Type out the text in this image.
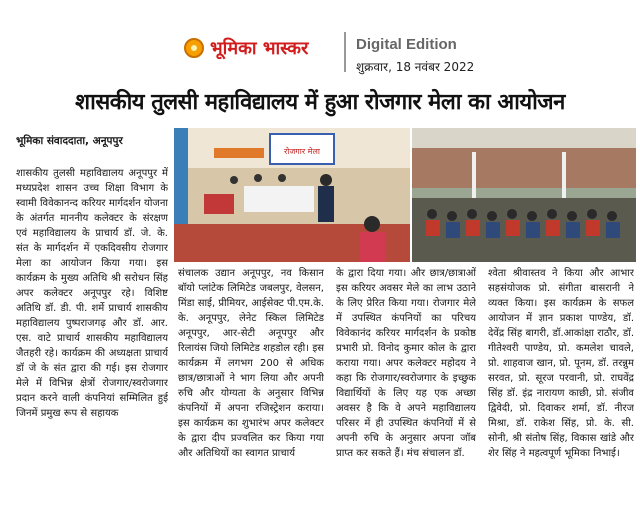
भूमिका भास्कर	Digital Edition
शुक्रवार, 18 नवंबर 2022
शासकीय तुलसी महाविद्यालय में हुआ रोजगार मेला का आयोजन
भूमिका संवाददाता, अनूपपुर
रोजगार मेला
शासकीय तुलसी महाविद्यालय अनूपपुर में मध्यप्रदेश शासन उच्च शिक्षा विभाग के स्वामी विवेकानन्द करियर मार्गदर्शन योजना के अंतर्गत माननीय कलेक्टर के संरक्षण एवं महाविद्यालय के प्राचार्य डॉ. जे. के. संत के मार्गदर्शन में एकदिवसीय रोजगार मेला का आयोजन किया गया। इस कार्यक्रम के मुख्य अतिथि श्री सरोधन सिंह अपर कलेक्टर अनूपपुर रहे। विशिष्ट अतिथि डॉ. डी. पी. शर्मे प्राचार्य शासकीय महाविद्यालय पुष्पराजगढ़ और डॉ. आर. एस. वाटे प्राचार्य शासकीय महाविद्यालय जैतहरी रहे। कार्यक्रम की अध्यक्षता प्राचार्य डॉ जे के संत द्वारा की गई। इस रोजगार मेले में विभिन्न क्षेत्रों रोजगार/स्वरोजगार प्रदान करने वाली कंपनियां सम्मिलित हुई जिनमें प्रमुख रूप से सहायक
संचालक उद्यान अनूपपुर, नव किसान बॉयो प्लांटेक लिमिटेड जबलपुर, वेलसन, मिंडा साई, प्रीमियर, आईसेक्ट पी.एम.के. के. अनूपपुर, लेनेट स्किल लिमिटेड अनूपपुर, आर-सेटी अनूपपुर और रिलायंस जियो लिमिटेड शहडोल रही। इस कार्यक्रम में लगभग 200 से अधिक छात्र/छात्राओं ने भाग लिया और अपनी रुचि और योग्यता के अनुसार विभिन्न कंपनियों में अपना रजिस्ट्रेशन कराया। इस कार्यक्रम का शुभारंभ अपर कलेक्टर के द्वारा दीप प्रज्वलित कर किया गया और अतिथियों का स्वागत प्राचार्य
के द्वारा दिया गया। और छात्र/छात्राओं इस करियर अवसर मेले का लाभ उठाने के लिए प्रेरित किया गया। रोजगार मेले में उपस्थित कंपनियों का परिचय विवेकानंद करियर मार्गदर्शन के प्रकोष्ठ प्रभारी प्रो. विनोद कुमार कोल के द्वारा कराया गया। अपर कलेक्टर महोदय ने कहा कि रोजगार/स्वरोजगार के इच्छुक विद्यार्थियों के लिए यह एक अच्छा अवसर है कि वे अपने महाविद्यालय परिसर में ही उपस्थित कंपनियों में से अपनी रुचि के अनुसार अपना जॉब प्राप्त कर सकते हैं। मंच संचालन डॉ.
श्वेता श्रीवास्तव ने किया और आभार सहसंयोजक प्रो. संगीता बासरानी ने व्यक्त किया। इस कार्यक्रम के सफल आयोजन में ज्ञान प्रकाश पाण्डेय, डॉ. देवेंद्र सिंह बागरी, डॉ.आकांक्षा राठौर, डॉ. गीतेश्वरी पाण्डेय, प्रो. कमलेश चावले, प्रो. शाहवाज खान, प्रो. पूनम, डॉ. तरन्नुम सरवत, प्रो. सूरज परवानी, प्रो. राघवेंद्र सिंह डॉ. इंद्र नारायण काछी, प्रो. संजीव द्विवेदी, प्रो. दिवाकर शर्मा, डॉ. नीरज मिश्रा, डॉ. राकेश सिंह, प्रो. के. सी. सोनी, श्री संतोष सिंह, विकास खांडे और शेर सिंह ने महत्वपूर्ण भूमिका निभाई।
